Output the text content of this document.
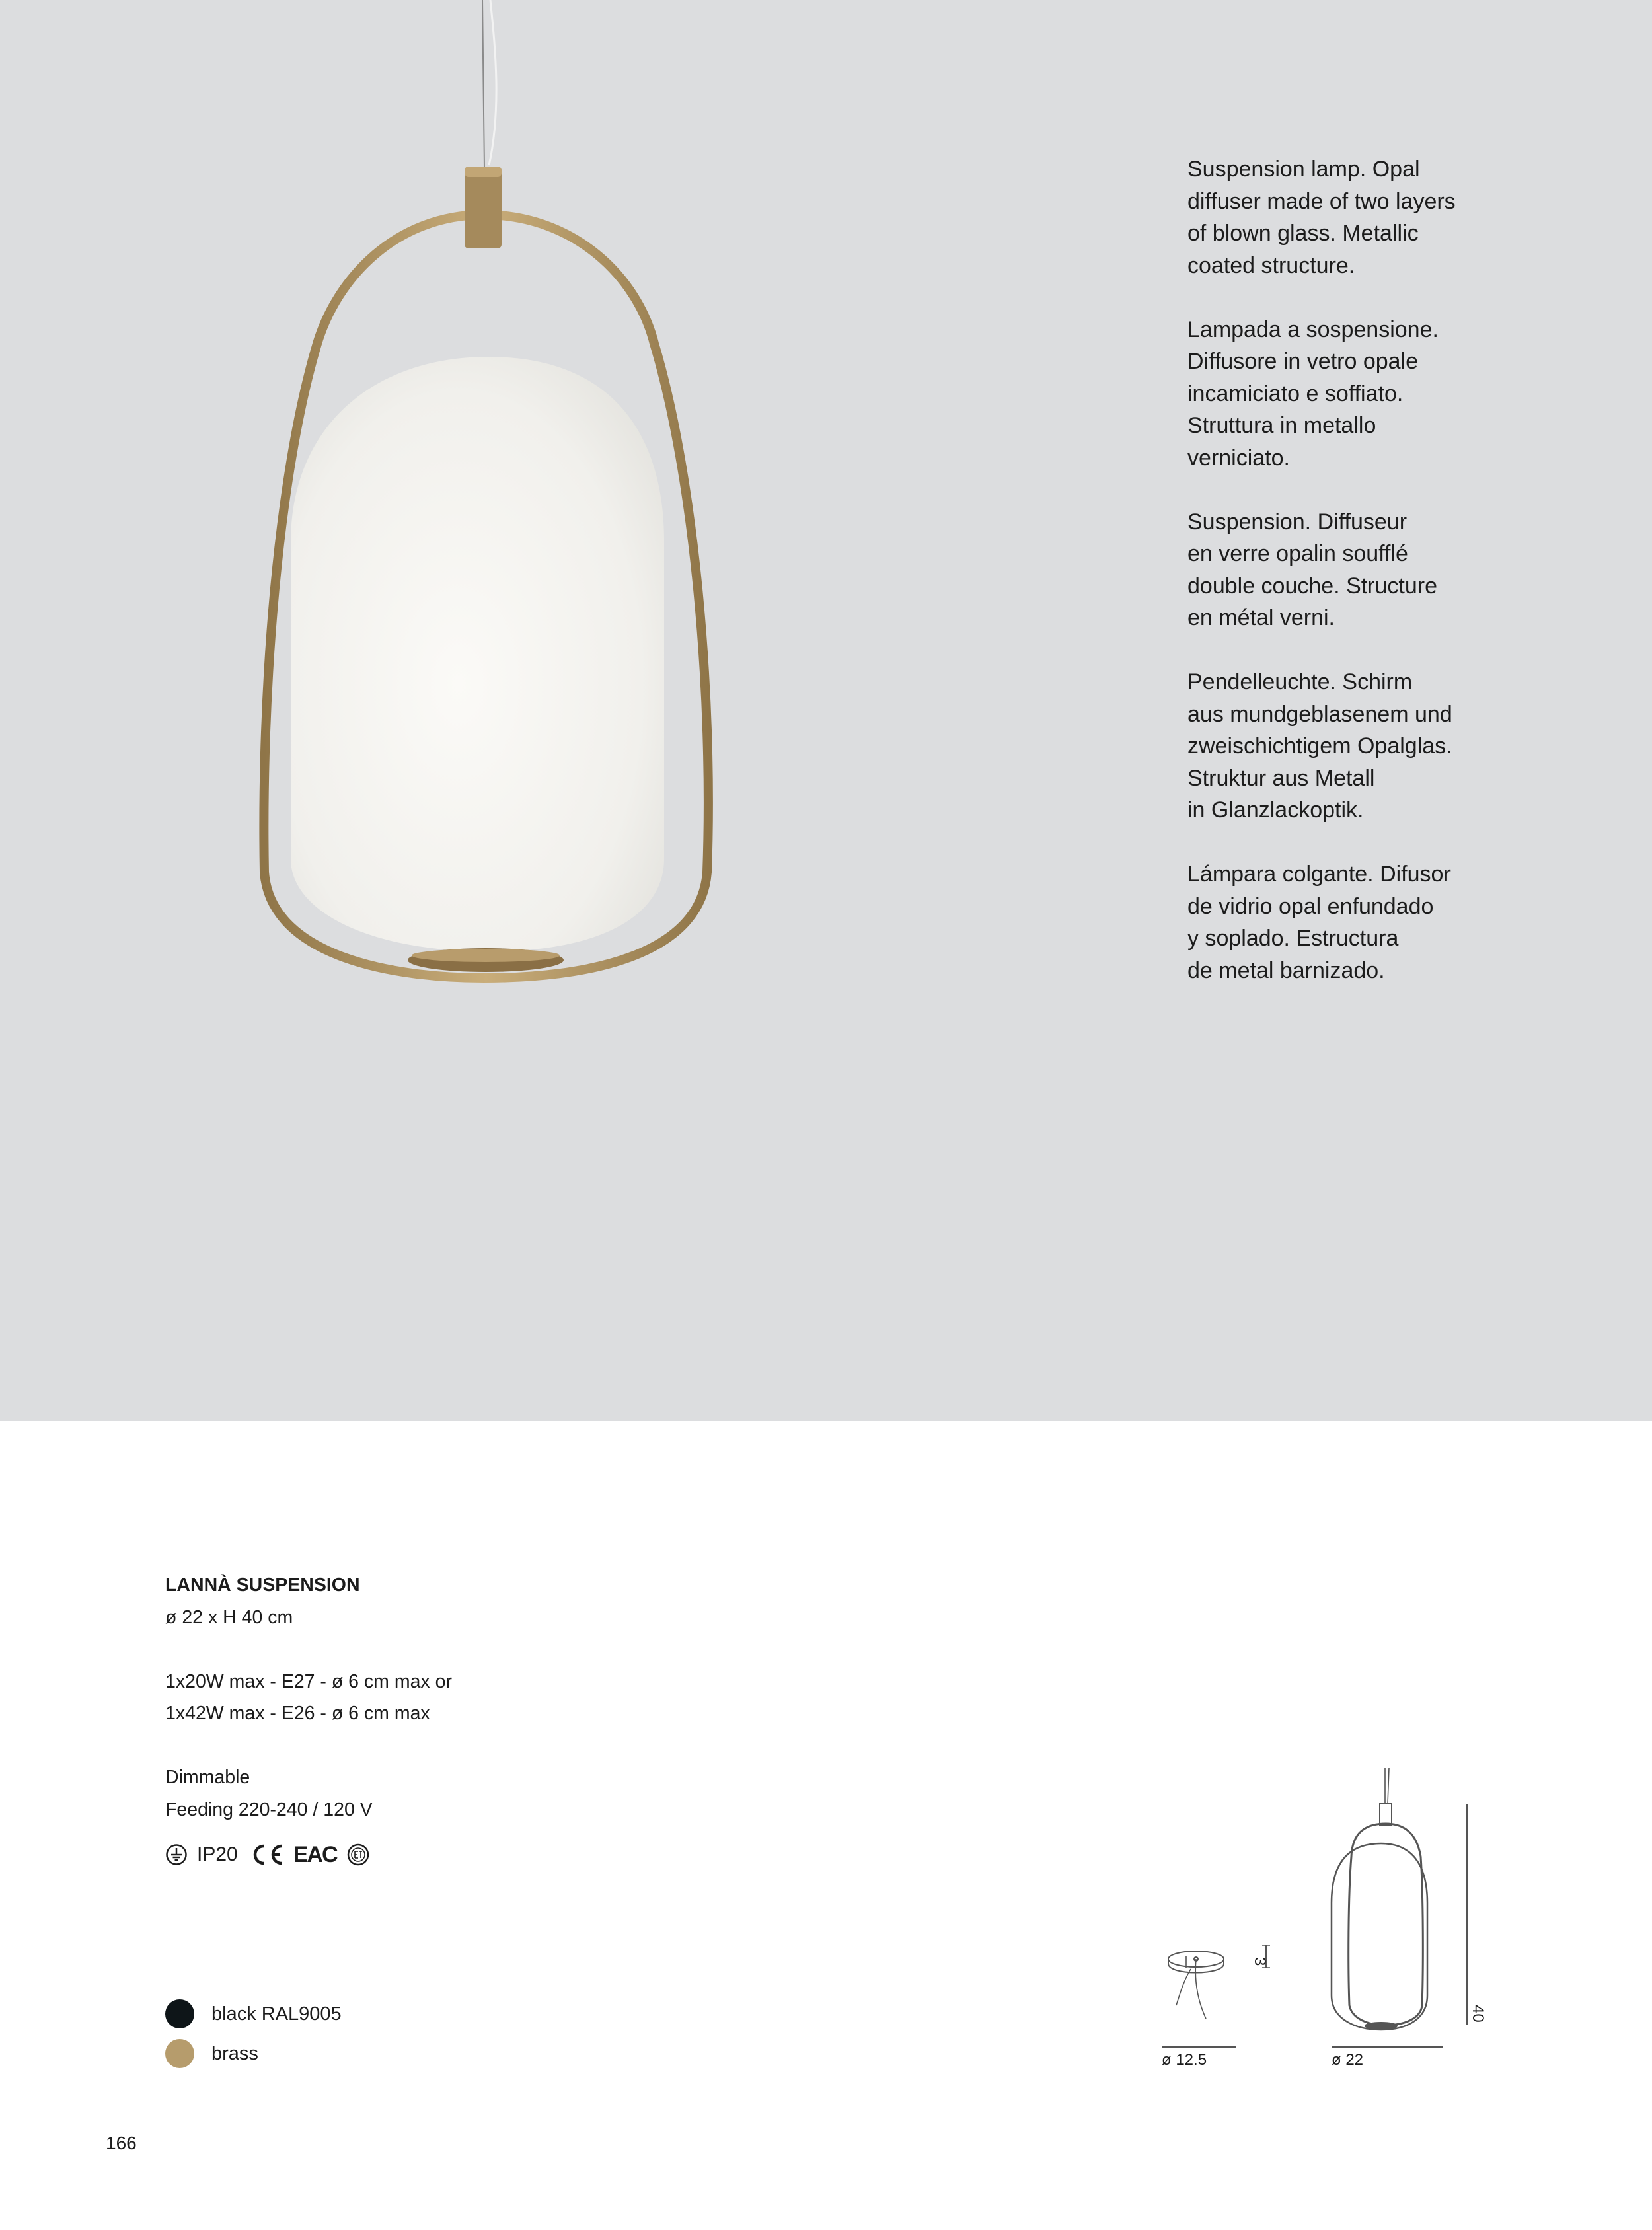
Suspension lamp. Opal
diffuser made of two layers
of blown glass. Metallic
coated structure.

Lampada a sospensione.
Diffusore in vetro opale
incamiciato e soffiato.
Struttura in metallo
verniciato.

Suspension. Diffuseur
en verre opalin soufflé
double couche. Structure
en métal verni.

Pendelleuchte. Schirm
aus mundgeblasenem und
zweischichtigem Opalglas.
Struktur aus Metall
in Glanzlackoptik.

Lámpara colgante. Difusor
de vidrio opal enfundado
y soplado. Estructura
de metal barnizado.

LANNÀ SUSPENSION
ø 22 x H 40 cm
1x20W max - E27 - ø 6 cm max or
1x42W max - E26 - ø 6 cm max
Dimmable
Feeding 220-240 / 120 V
IP20 EAC
black RAL9005
brass	ø 12.5
3
ø 22
40
166
